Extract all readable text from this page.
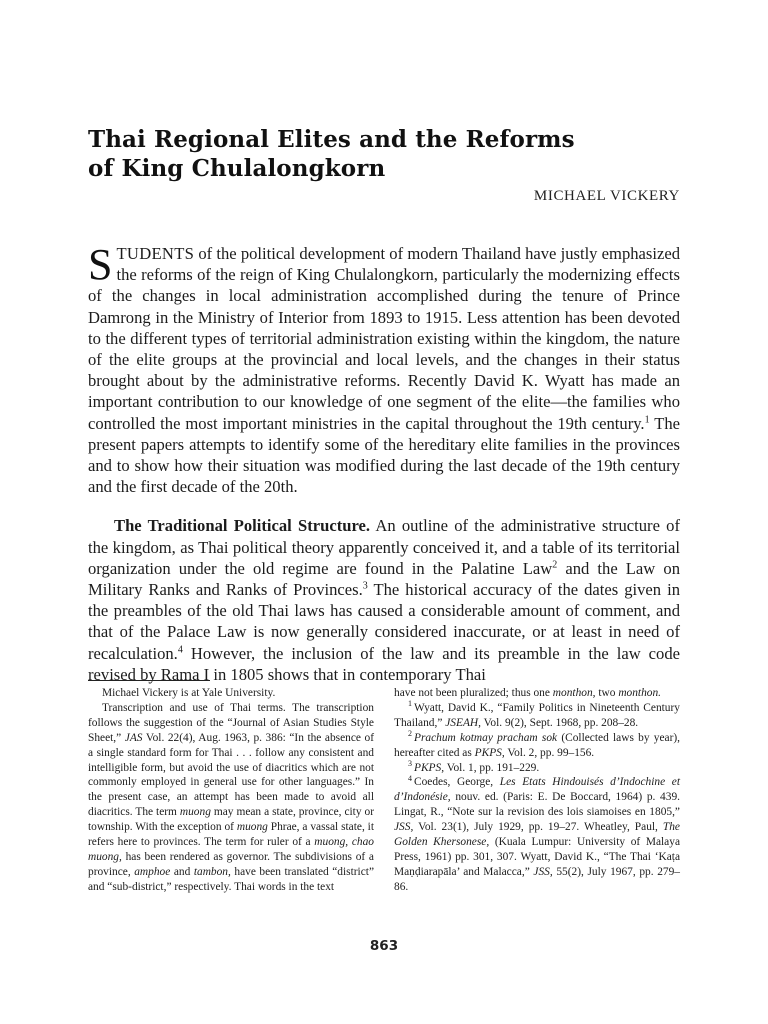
Thai Regional Elites and the Reforms
of King Chulalongkorn
MICHAEL VICKERY

STUDENTS of the political development of modern Thailand have justly emphasized the reforms of the reign of King Chulalongkorn, particularly the modernizing effects of the changes in local administration accomplished during the tenure of Prince Damrong in the Ministry of Interior from 1893 to 1915. Less attention has been devoted to the different types of territorial administration existing within the kingdom, the nature of the elite groups at the provincial and local levels, and the changes in their status brought about by the administrative reforms. Recently David K. Wyatt has made an important contribution to our knowledge of one segment of the elite—the families who controlled the most important ministries in the capital throughout the 19th century.$^1$ The present papers attempts to identify some of the hereditary elite families in the provinces and to show how their situation was modified during the last decade of the 19th century and the first decade of the 20th.

The Traditional Political Structure. An outline of the administrative structure of the kingdom, as Thai political theory apparently conceived it, and a table of its territorial organization under the old regime are found in the Palatine Law$^2$ and the Law on Military Ranks and Ranks of Provinces.$^3$ The historical accuracy of the dates given in the preambles of the old Thai laws has caused a considerable amount of comment, and that of the Palace Law is now generally considered inaccurate, or at least in need of recalculation.$^4$ However, the inclusion of the law and its preamble in the law code revised by Rama I in 1805 shows that in contemporary Thai

Michael Vickery is at Yale University.

Transcription and use of Thai terms. The transcription follows the suggestion of the “Journal of Asian Studies Style Sheet,” JAS Vol. 22(4), Aug. 1963, p. 386: “In the absence of a single standard form for Thai . . . follow any consistent and intelligible form, but avoid the use of diacritics which are not commonly employed in general use for other languages.” In the present case, an attempt has been made to avoid all diacritics. The term muong may mean a state, province, city or township. With the exception of muong Phrae, a vassal state, it refers here to provinces. The term for ruler of a muong, chao muong, has been rendered as governor. The subdivisions of a province, amphoe and tambon, have been translated “district” and “sub-district,” respectively. Thai words in the text

have not been pluralized; thus one monthon, two monthon.

$^1$ Wyatt, David K., “Family Politics in Nineteenth Century Thailand,” JSEAH, Vol. 9(2), Sept. 1968, pp. 208–28.

$^2$ Prachum kotmay pracham sok (Collected laws by year), hereafter cited as PKPS, Vol. 2, pp. 99–156.

$^3$ PKPS, Vol. 1, pp. 191–229.

$^4$ Coedes, George, Les Etats Hindouisés d’Indochine et d’Indonésie, nouv. ed. (Paris: E. De Boccard, 1964) p. 439. Lingat, R., “Note sur la revision des lois siamoises en 1805,” JSS, Vol. 23(1), July 1929, pp. 19–27. Wheatley, Paul, The Golden Khersonese, (Kuala Lumpur: University of Malaya Press, 1961) pp. 301, 307. Wyatt, David K., “The Thai ‘Kaṭa Maṇḍiarapāla’ and Malacca,” JSS, 55(2), July 1967, pp. 279–86.

863
